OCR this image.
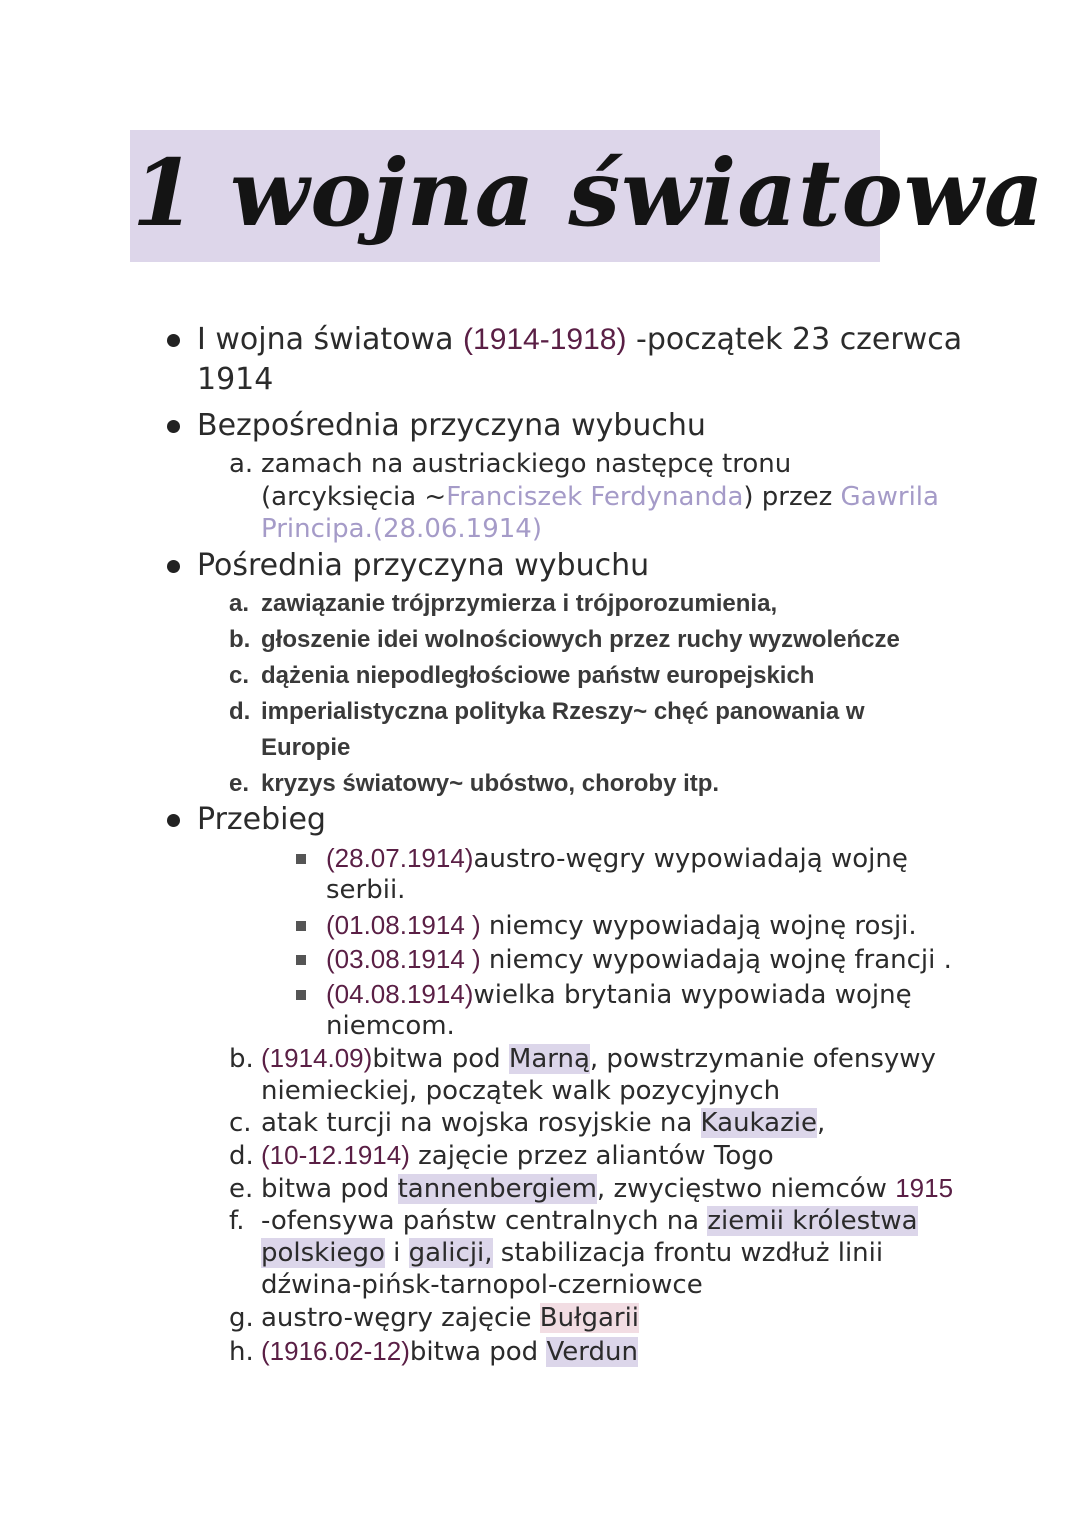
1 wojna światowa
I wojna światowa (1914-1918) -początek 23 czerwca
1914
Bezpośrednia przyczyna wybuchu
a. zamach na austriackiego następcę tronu
(arcyksięcia ~Franciszek Ferdynanda) przez Gawrila
Principa.(28.06.1914)
Pośrednia przyczyna wybuchu
a. zawiązanie trójprzymierza i trójporozumienia,
b. głoszenie idei wolnościowych przez ruchy wyzwoleńcze
c. dążenia niepodległościowe państw europejskich
d. imperialistyczna polityka Rzeszy~ chęć panowania w
Europie
e. kryzys światowy~ ubóstwo, choroby itp.
Przebieg
(28.07.1914)austro-węgry wypowiadają wojnę
serbii.
(01.08.1914 ) niemcy wypowiadają wojnę rosji.
(03.08.1914 ) niemcy wypowiadają wojnę francji .
(04.08.1914)wielka brytania wypowiada wojnę
niemcom.
b. (1914.09)bitwa pod Marną, powstrzymanie ofensywy
niemieckiej, początek walk pozycyjnych
c. atak turcji na wojska rosyjskie na Kaukazie,
d. (10-12.1914) zajęcie przez aliantów Togo
e. bitwa pod tannenbergiem, zwycięstwo niemców 1915
f. -ofensywa państw centralnych na ziemii królestwa
polskiego i galicji, stabilizacja frontu wzdłuż linii
dźwina-pińsk-tarnopol-czerniowce
g. austro-węgry zajęcie Bułgarii
h. (1916.02-12)bitwa pod Verdun
